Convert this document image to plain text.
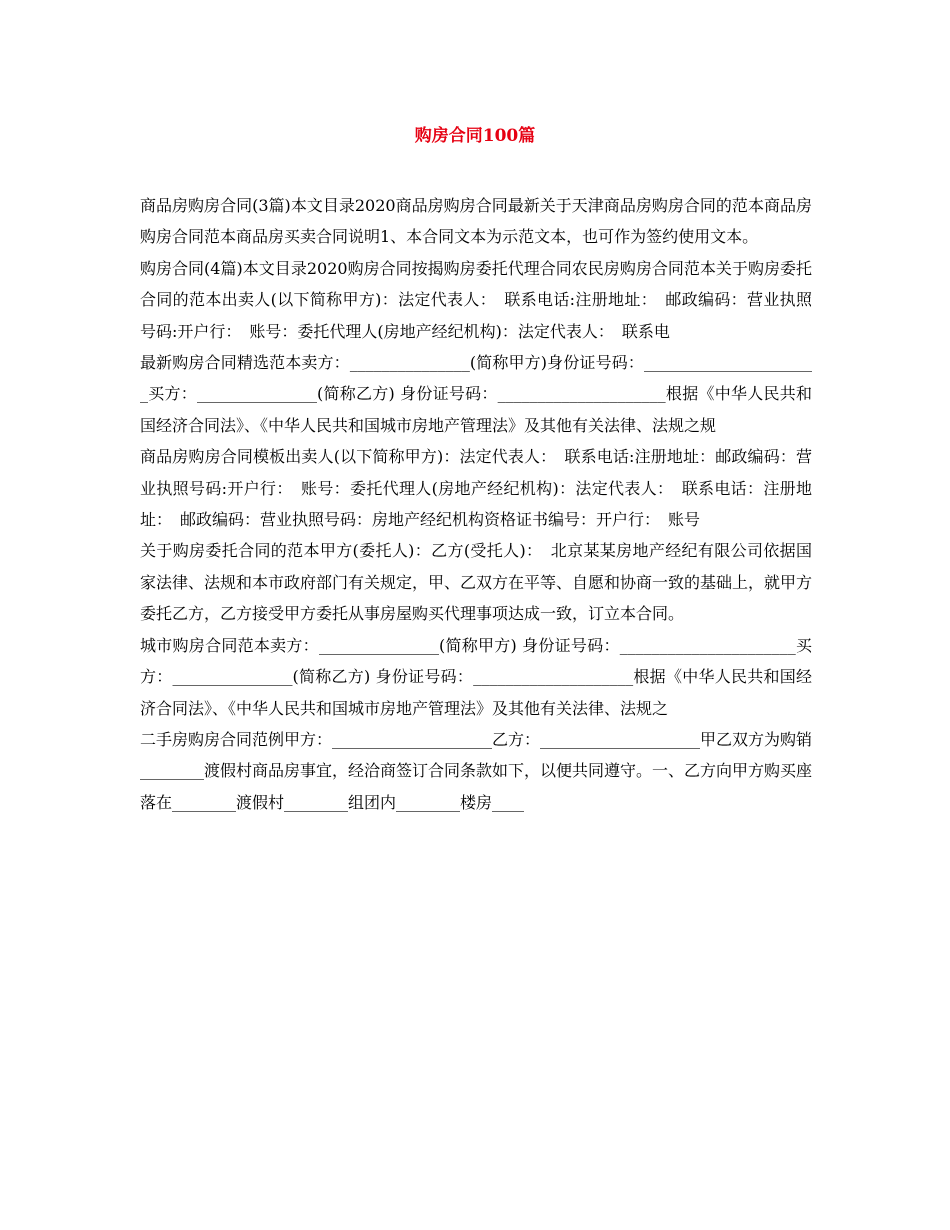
购房合同100篇

商品房购房合同(3篇)本文目录2020商品房购房合同最新关于天津商品房购房合同的范本商品房购房合同范本商品房买卖合同说明1、本合同文本为示范文本，也可作为签约使用文本。

购房合同(4篇)本文目录2020购房合同按揭购房委托代理合同农民房购房合同范本关于购房委托合同的范本出卖人(以下简称甲方)：法定代表人：　联系电话:注册地址：　邮政编码：营业执照号码:开户行：　账号：委托代理人(房地产经纪机构)：法定代表人：　联系电

最新购房合同精选范本卖方：_______________(简称甲方)身份证号码：______________________买方：_______________(简称乙方) 身份证号码：_____________________根据《中华人民共和国经济合同法》、《中华人民共和国城市房地产管理法》及其他有关法律、法规之规

商品房购房合同模板出卖人(以下简称甲方)：法定代表人：　联系电话:注册地址：邮政编码：营业执照号码:开户行：　账号：委托代理人(房地产经纪机构)：法定代表人：　联系电话：注册地址：　邮政编码：营业执照号码：房地产经纪机构资格证书编号：开户行：　账号

关于购房委托合同的范本甲方(委托人)：乙方(受托人)：　北京某某房地产经纪有限公司依据国家法律、法规和本市政府部门有关规定，甲、乙双方在平等、自愿和协商一致的基础上，就甲方委托乙方，乙方接受甲方委托从事房屋购买代理事项达成一致，订立本合同。

城市购房合同范本卖方：_______________(简称甲方) 身份证号码：______________________买方：_______________(简称乙方) 身份证号码：____________________根据《中华人民共和国经济合同法》、《中华人民共和国城市房地产管理法》及其他有关法律、法规之

二手房购房合同范例甲方：____________________乙方：____________________甲乙双方为购销________渡假村商品房事宜，经洽商签订合同条款如下，以便共同遵守。一、乙方向甲方购买座落在________渡假村________组团内________楼房____
